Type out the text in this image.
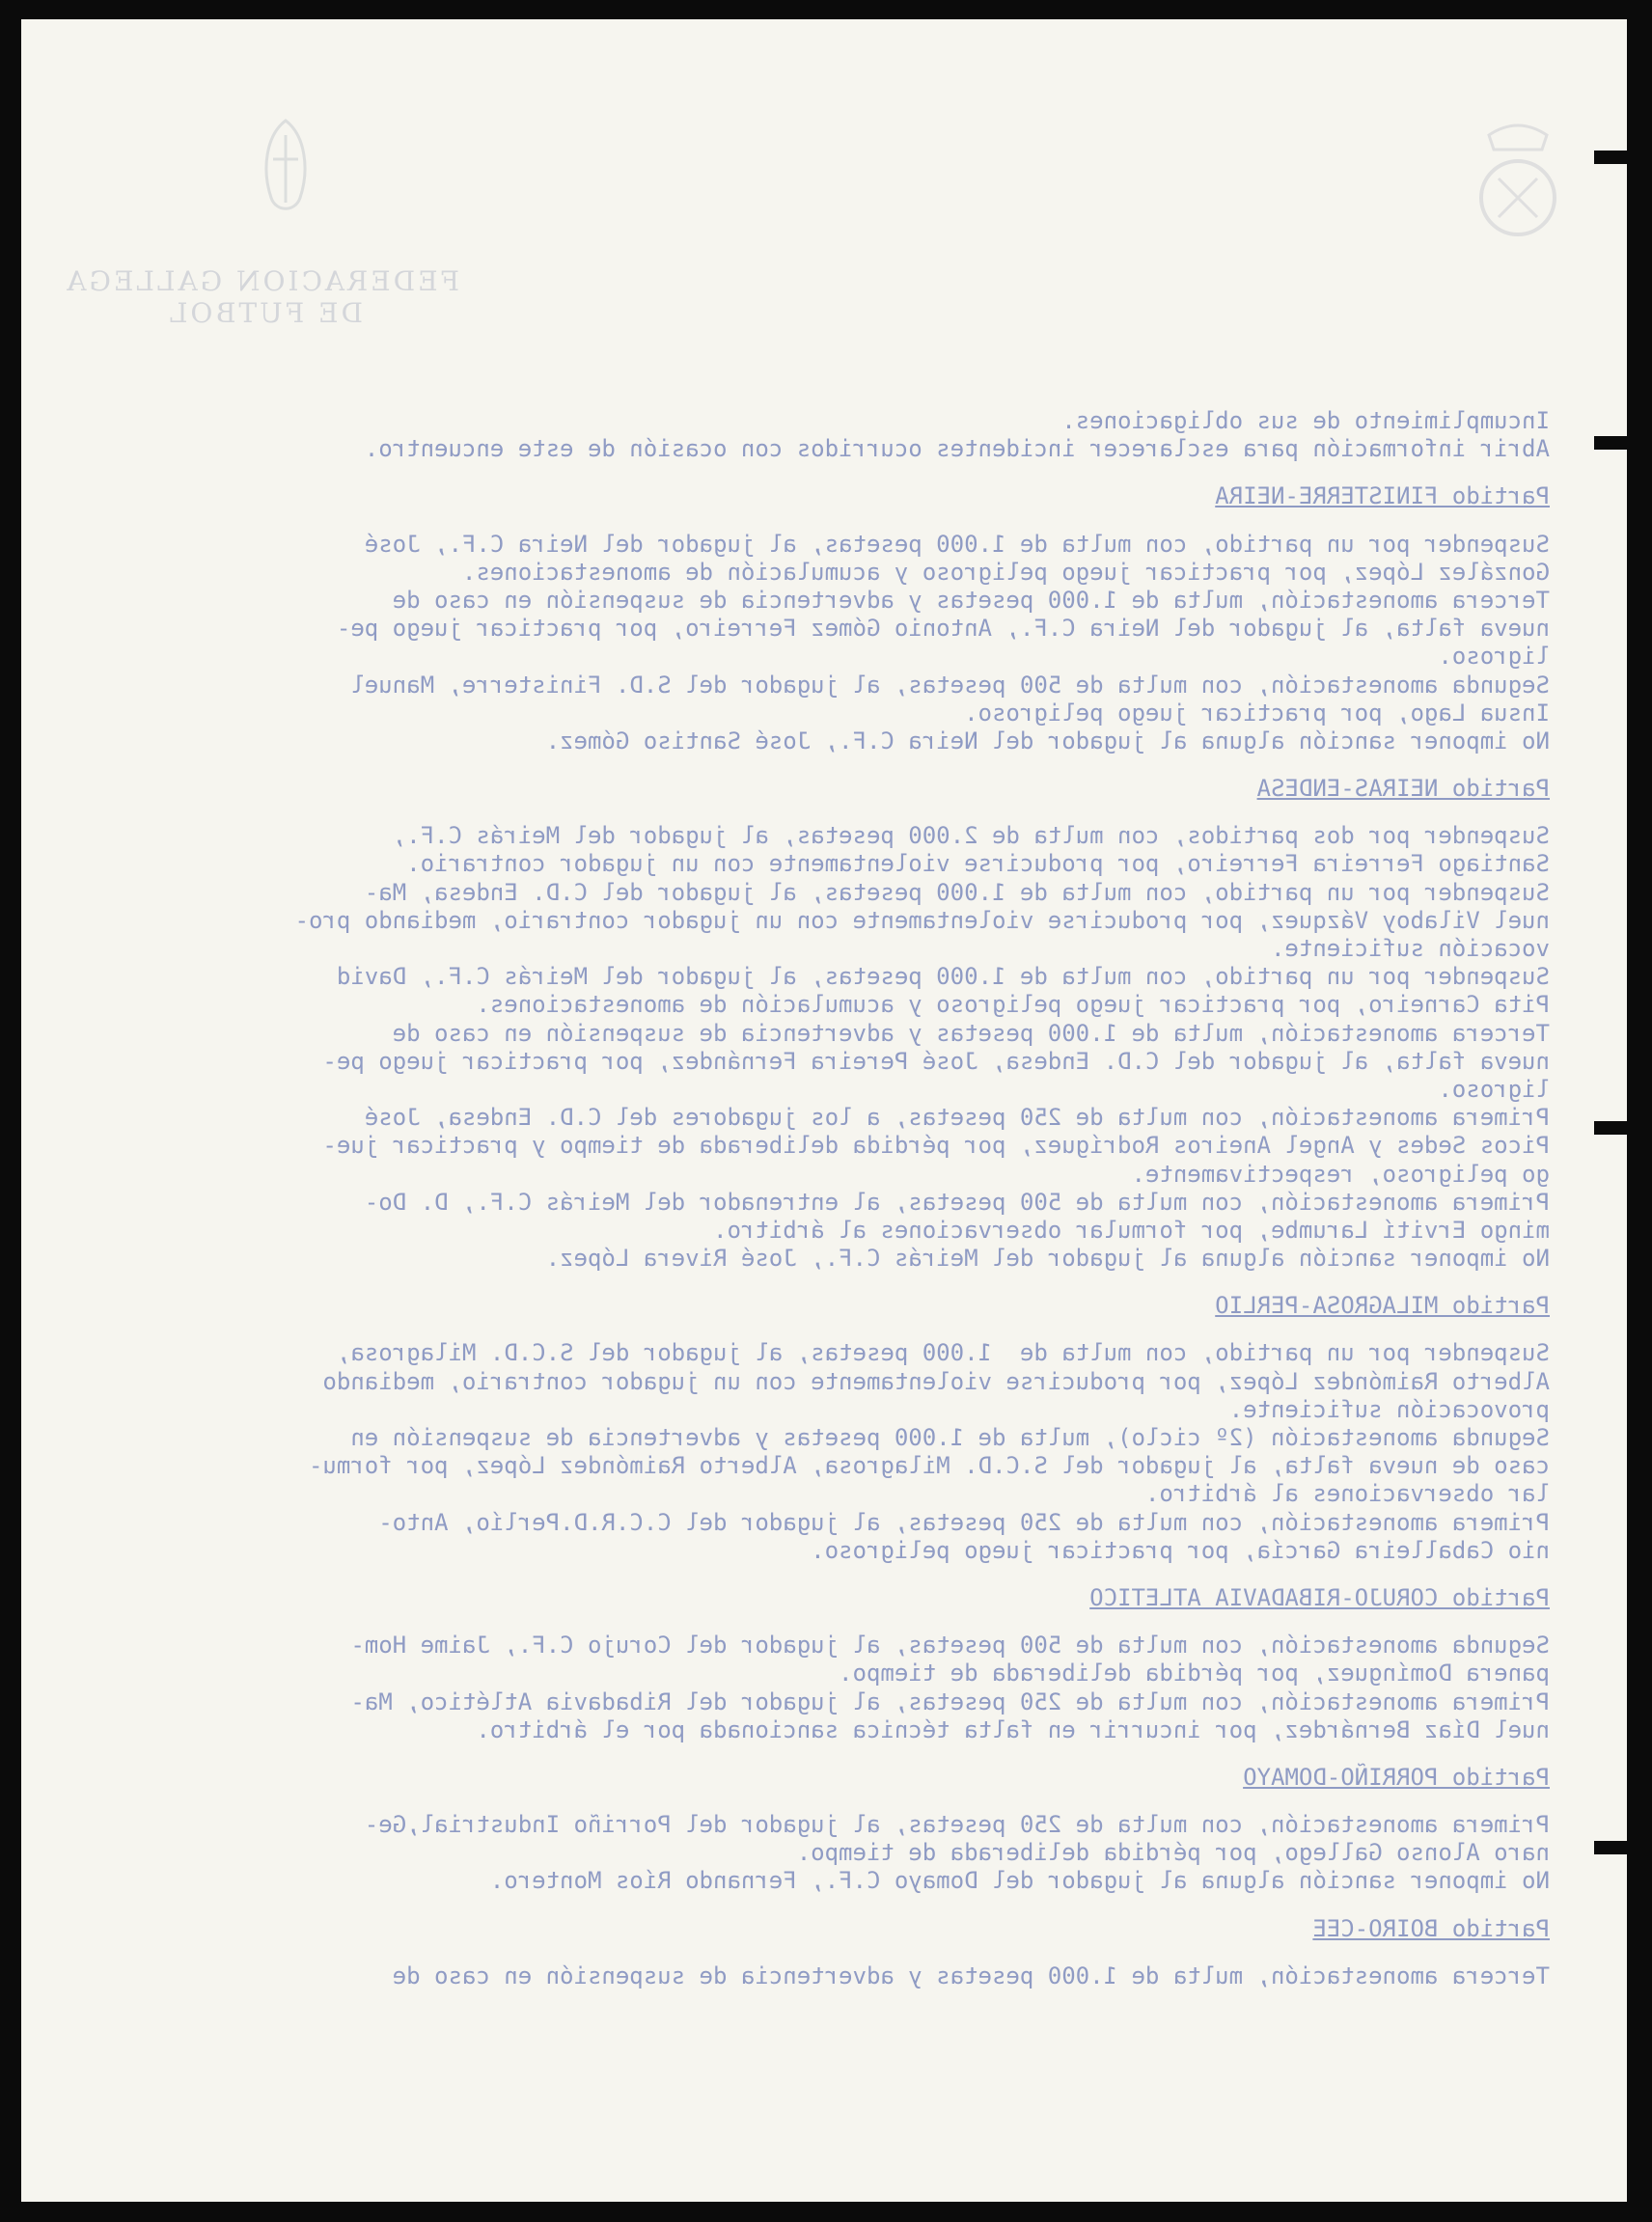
FEDERACION GALLEGA
DE FUTBOL
Incumplimiento de sus obligaciones.
Abrir información para esclarecer incidentes ocurridos con ocasión de este encuentro.
Partido FINISTERRE-NEIRA
Suspender por un partido, con multa de 1.000 pesetas, al jugador del Neira C.F., José
González López, por practicar juego peligroso y acumulación de amonestaciones.
Tercera amonestación, multa de 1.000 pesetas y advertencia de suspensión en caso de
nueva falta, al jugador del Neira C.F., Antonio Gómez Ferreiro, por practicar juego pe-
ligroso.
Segunda amonestación, con multa de 500 pesetas, al jugador del S.D. Finisterre, Manuel
Insua Lago, por practicar juego peligroso.
No imponer sanción alguna al jugador del Neira C.F., José Santiso Gómez.
Partido NEIRAS-ENDESA
Suspender por dos partidos, con multa de 2.000 pesetas, al jugador del Meirás C.F.,
Santiago Ferreira Ferreiro, por producirse violentamente con un jugador contrario.
Suspender por un partido, con multa de 1.000 pesetas, al jugador del C.D. Endesa, Ma-
nuel Vilaboy Vázquez, por producirse violentamente con un jugador contrario, mediando pro-
vocación suficiente.
Suspender por un partido, con multa de 1.000 pesetas, al jugador del Meirás C.F., David
Pita Carneiro, por practicar juego peligroso y acumulación de amonestaciones.
Tercera amonestación, multa de 1.000 pesetas y advertencia de suspensión en caso de
nueva falta, al jugador del C.D. Endesa, José Pereira Fernández, por practicar juego pe-
ligroso.
Primera amonestación, con multa de 250 pesetas, a los jugadores del C.D. Endesa, José
Picos Sedes y Angel Aneiros Rodríguez, por pérdida deliberada de tiempo y practicar jue-
go peligroso, respectivamente.
Primera amonestación, con multa de 500 pesetas, al entrenador del Meirás C.F., D. Do-
mingo Ervití Larumbe, por formular observaciones al árbitro.
No imponer sanción alguna al jugador del Meirás C.F., José Rivera López.
Partido MILAGROSA-PERLIO
Suspender por un partido, con multa de  1.000 pesetas, al jugador del S.C.D. Milagrosa,
Alberto Raimóndez López, por producirse violentamente con un jugador contrario, mediando
provocación suficiente.
Segunda amonestación (2º ciclo), multa de 1.000 pesetas y advertencia de suspensión en
caso de nueva falta, al jugador del S.C.D. Milagrosa, Alberto Raimóndez López, por formu-
lar observaciones al árbitro.
Primera amonestación, con multa de 250 pesetas, al jugador del C.C.R.D.Perlío, Anto-
nio Caballeira García, por practicar juego peligroso.
Partido CORUJO-RIBADAVIA ATLETICO
Segunda amonestación, con multa de 500 pesetas, al jugador del Corujo C.F., Jaime Hom-
panera Domínguez, por pérdida deliberada de tiempo.
Primera amonestación, con multa de 250 pesetas, al jugador del Ribadavia Atlético, Ma-
nuel Díaz Bernárdez, por incurrir en falta técnica sancionada por el árbitro.
Partido PORRIÑO-DOMAYO
Primera amonestación, con multa de 250 pesetas, al jugador del Porriño Industrial,Ge-
naro Alonso Gallego, por pérdida deliberada de tiempo.
No imponer sanción alguna al jugador del Domayo C.F., Fernando Ríos Montero.
Partido BOIRO-CEE
Tercera amonestación, multa de 1.000 pesetas y advertencia de suspensión en caso de
